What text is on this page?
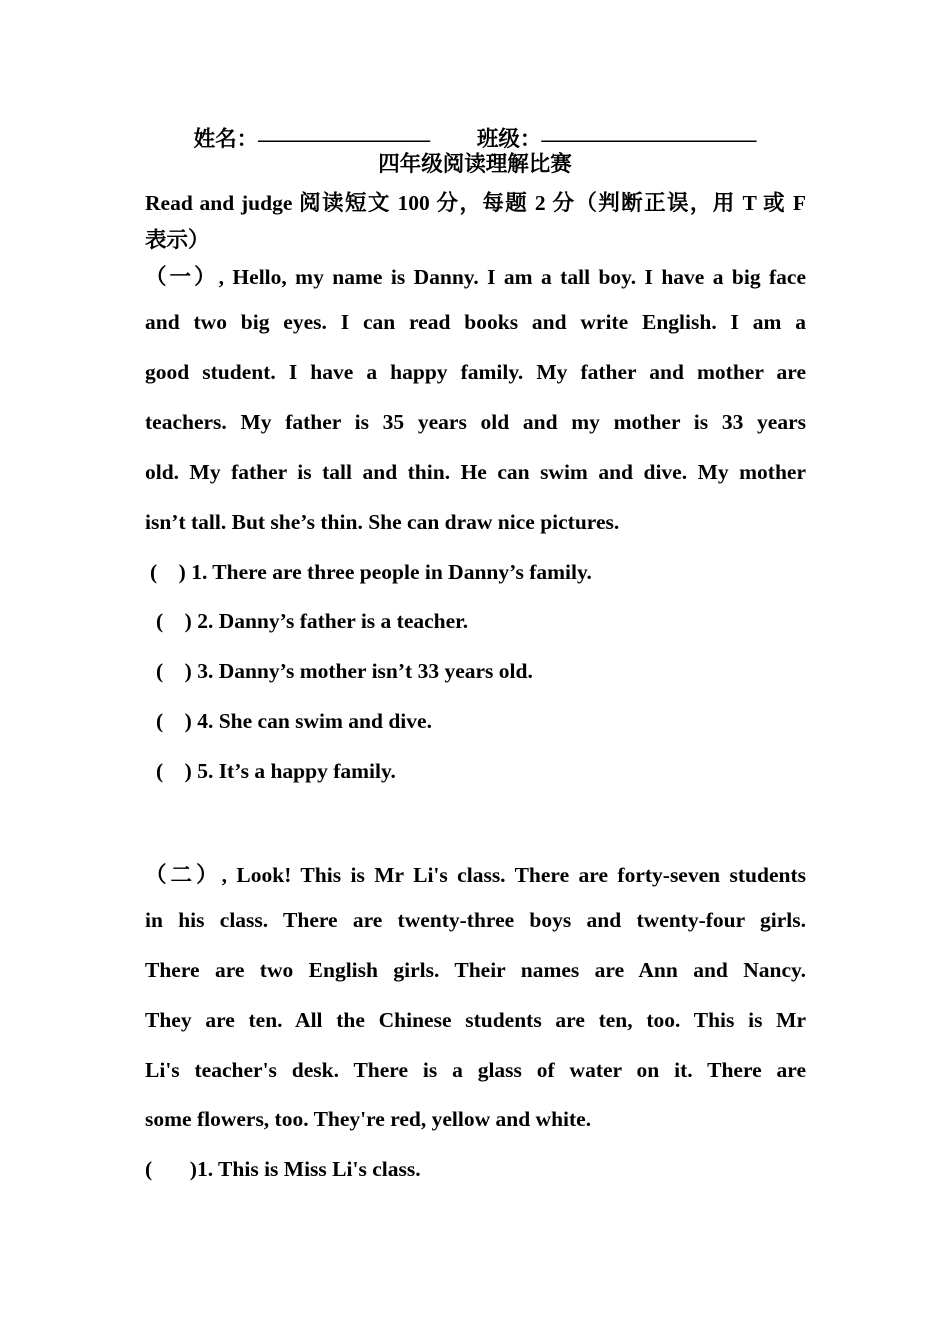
姓名：———————— 班级：——————————
四年级阅读理解比赛
Read and judge 阅读短文 100 分，每题 2 分（判断正误，用 T 或 F
表示）
（一）, Hello, my name is Danny. I am a tall boy. I have a big face
and two big eyes. I can read books and write English. I am a
good student. I have a happy family. My father and mother are
teachers. My father is 35 years old and my mother is 33 years
old. My father is tall and thin. He can swim and dive. My mother
isn’t tall. But she’s thin. She can draw nice pictures.
(    ) 1. There are three people in Danny’s family.
(    ) 2. Danny’s father is a teacher.
(    ) 3. Danny’s mother isn’t 33 years old.
(    ) 4. She can swim and dive.
(    ) 5. It’s a happy family.
（二）, Look! This is Mr Li's class. There are forty-seven students
in his class. There are twenty-three boys and twenty-four girls.
There are two English girls. Their names are Ann and Nancy.
They are ten. All the Chinese students are ten, too. This is Mr
Li's teacher's desk. There is a glass of water on it. There are
some flowers, too. They're red, yellow and white.
(       )1. This is Miss Li's class.
